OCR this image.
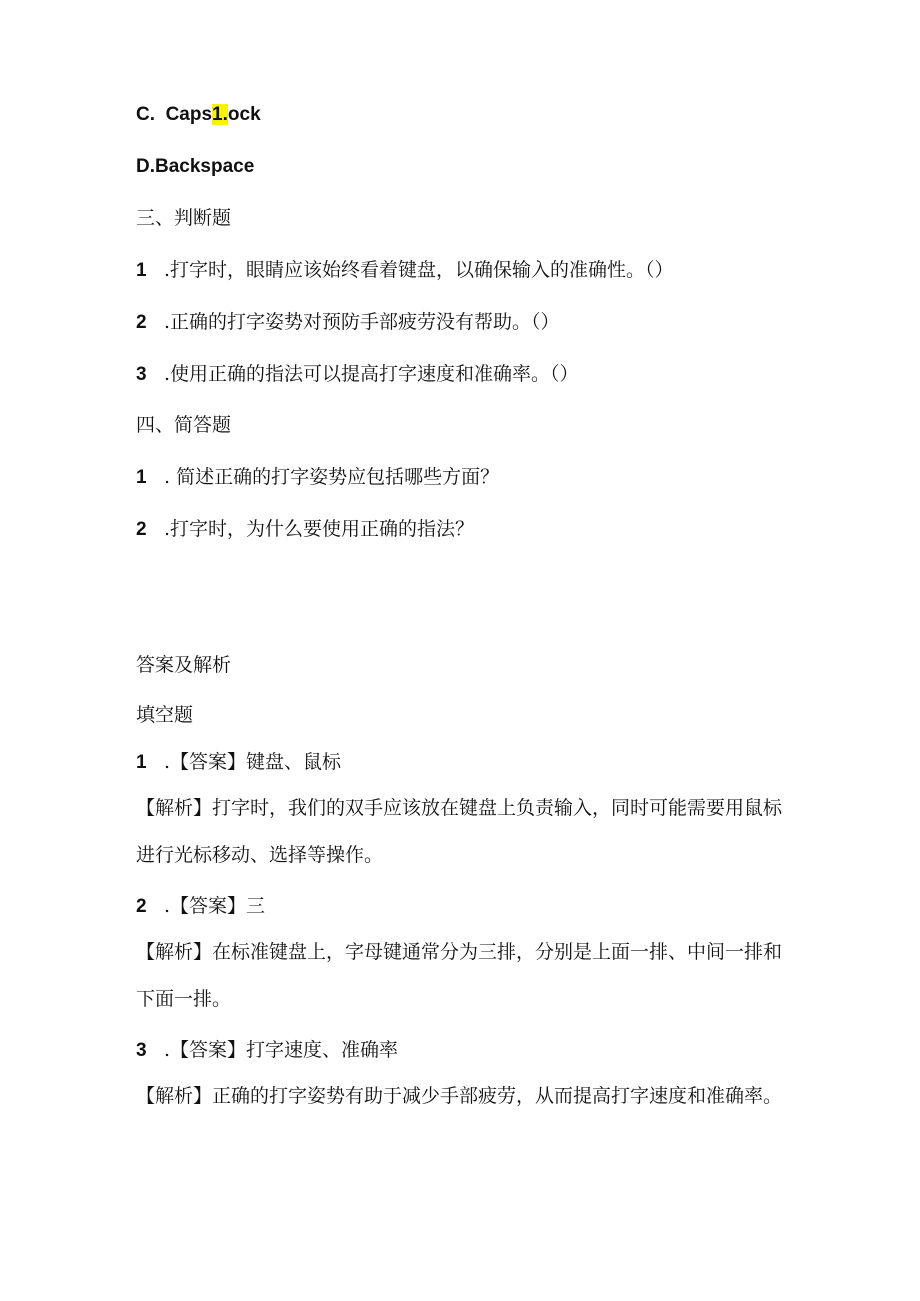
C. Caps1.ock
D.Backspace
三、判断题
1 .打字时，眼睛应该始终看着键盘，以确保输入的准确性。（）
2 .正确的打字姿势对预防手部疲劳没有帮助。（）
3 .使用正确的指法可以提高打字速度和准确率。（）
四、简答题
1 . 简述正确的打字姿势应包括哪些方面？
2 .打字时，为什么要使用正确的指法？
答案及解析
填空题
1 .【答案】键盘、鼠标
【解析】打字时，我们的双手应该放在键盘上负责输入，同时可能需要用鼠标进行光标移动、选择等操作。
2 .【答案】三
【解析】在标准键盘上，字母键通常分为三排，分别是上面一排、中间一排和下面一排。
3 .【答案】打字速度、准确率
【解析】正确的打字姿势有助于减少手部疲劳，从而提高打字速度和准确率。
